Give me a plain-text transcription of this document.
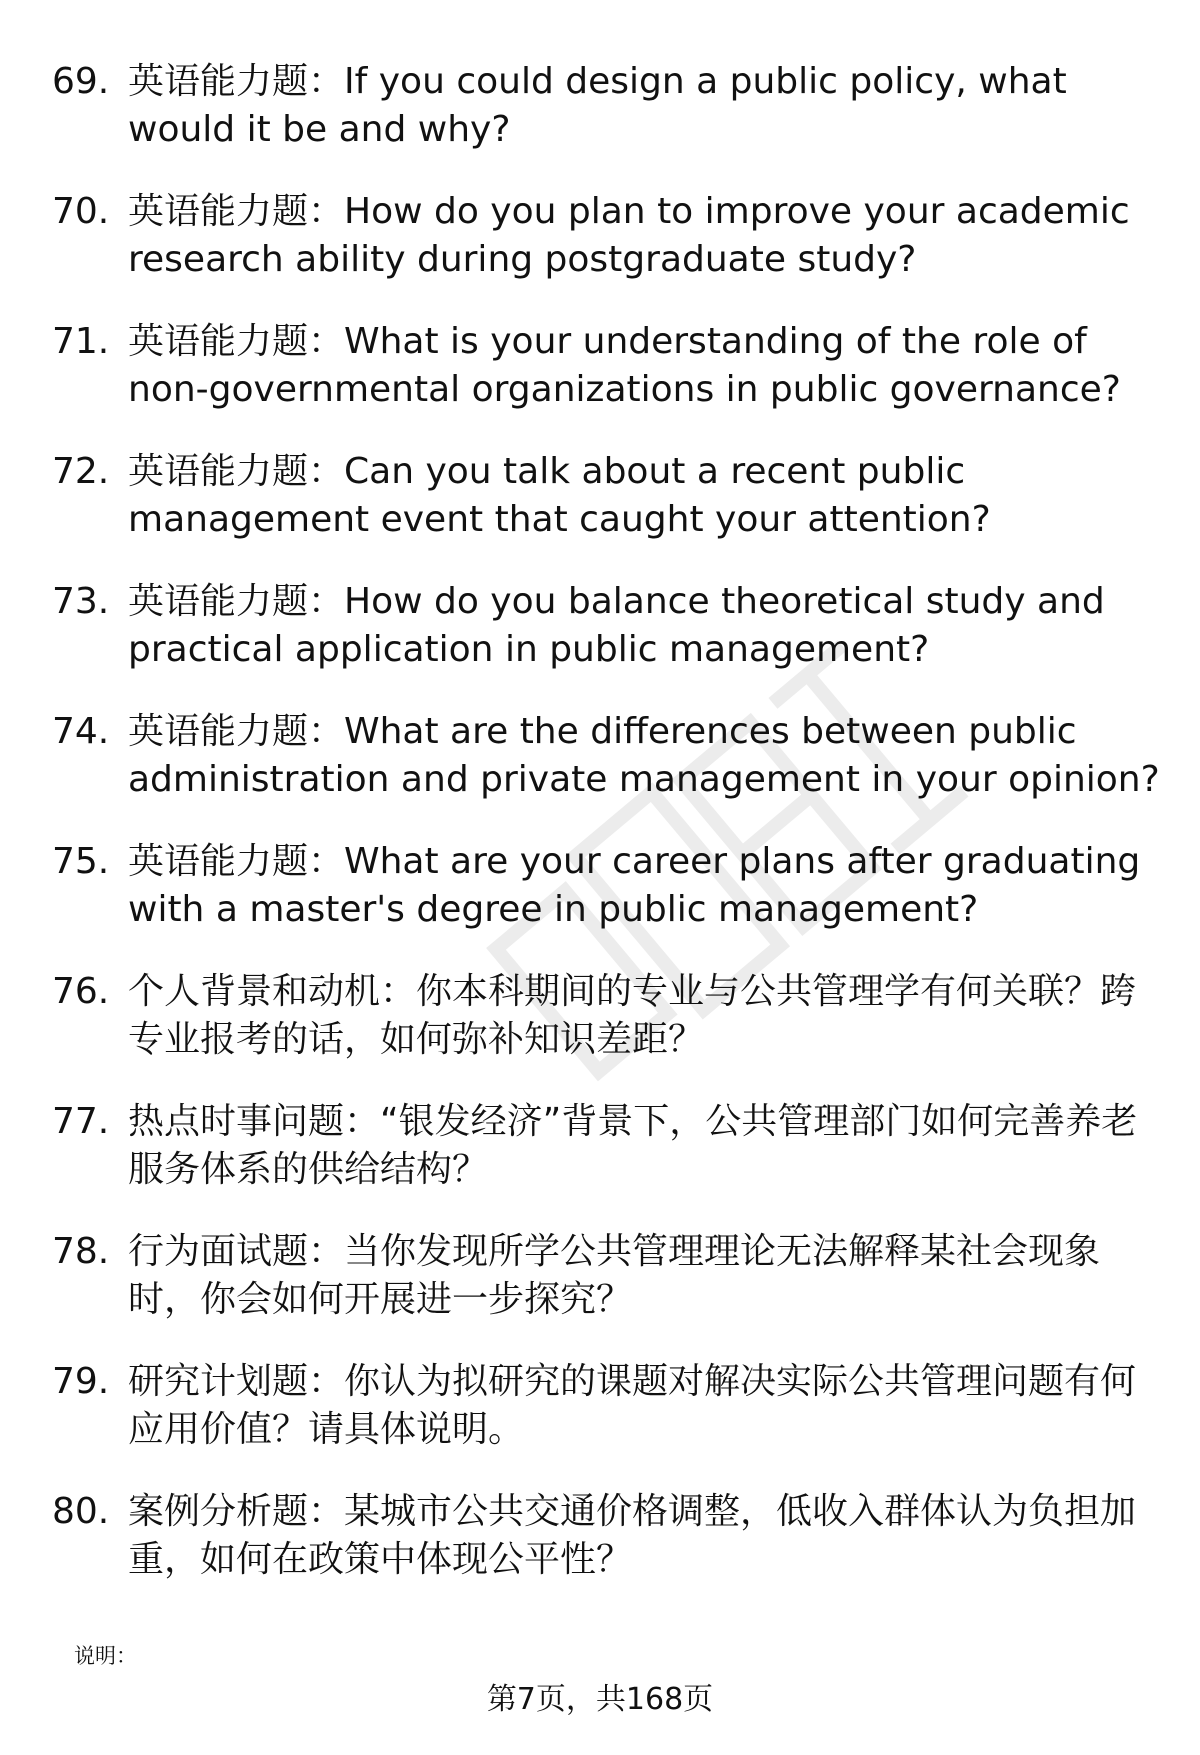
69. 英语能力题：If you could design a public policy, what would it be and why?
70. 英语能力题：How do you plan to improve your academic research ability during postgraduate study?
71. 英语能力题：What is your understanding of the role of non-governmental organizations in public governance?
72. 英语能力题：Can you talk about a recent public management event that caught your attention?
73. 英语能力题：How do you balance theoretical study and practical application in public management?
74. 英语能力题：What are the differences between public administration and private management in your opinion?
75. 英语能力题：What are your career plans after graduating with a master's degree in public management?
76. 个人背景和动机：你本科期间的专业与公共管理学有何关联？跨专业报考的话，如何弥补知识差距？
77. 热点时事问题：“银发经济”背景下，公共管理部门如何完善养老服务体系的供给结构？
78. 行为面试题：当你发现所学公共管理理论无法解释某社会现象时，你会如何开展进一步探究？
79. 研究计划题：你认为拟研究的课题对解决实际公共管理问题有何应用价值？请具体说明。
80. 案例分析题：某城市公共交通价格调整，低收入群体认为负担加重，如何在政策中体现公平性？
说明：
第7页，共168页
